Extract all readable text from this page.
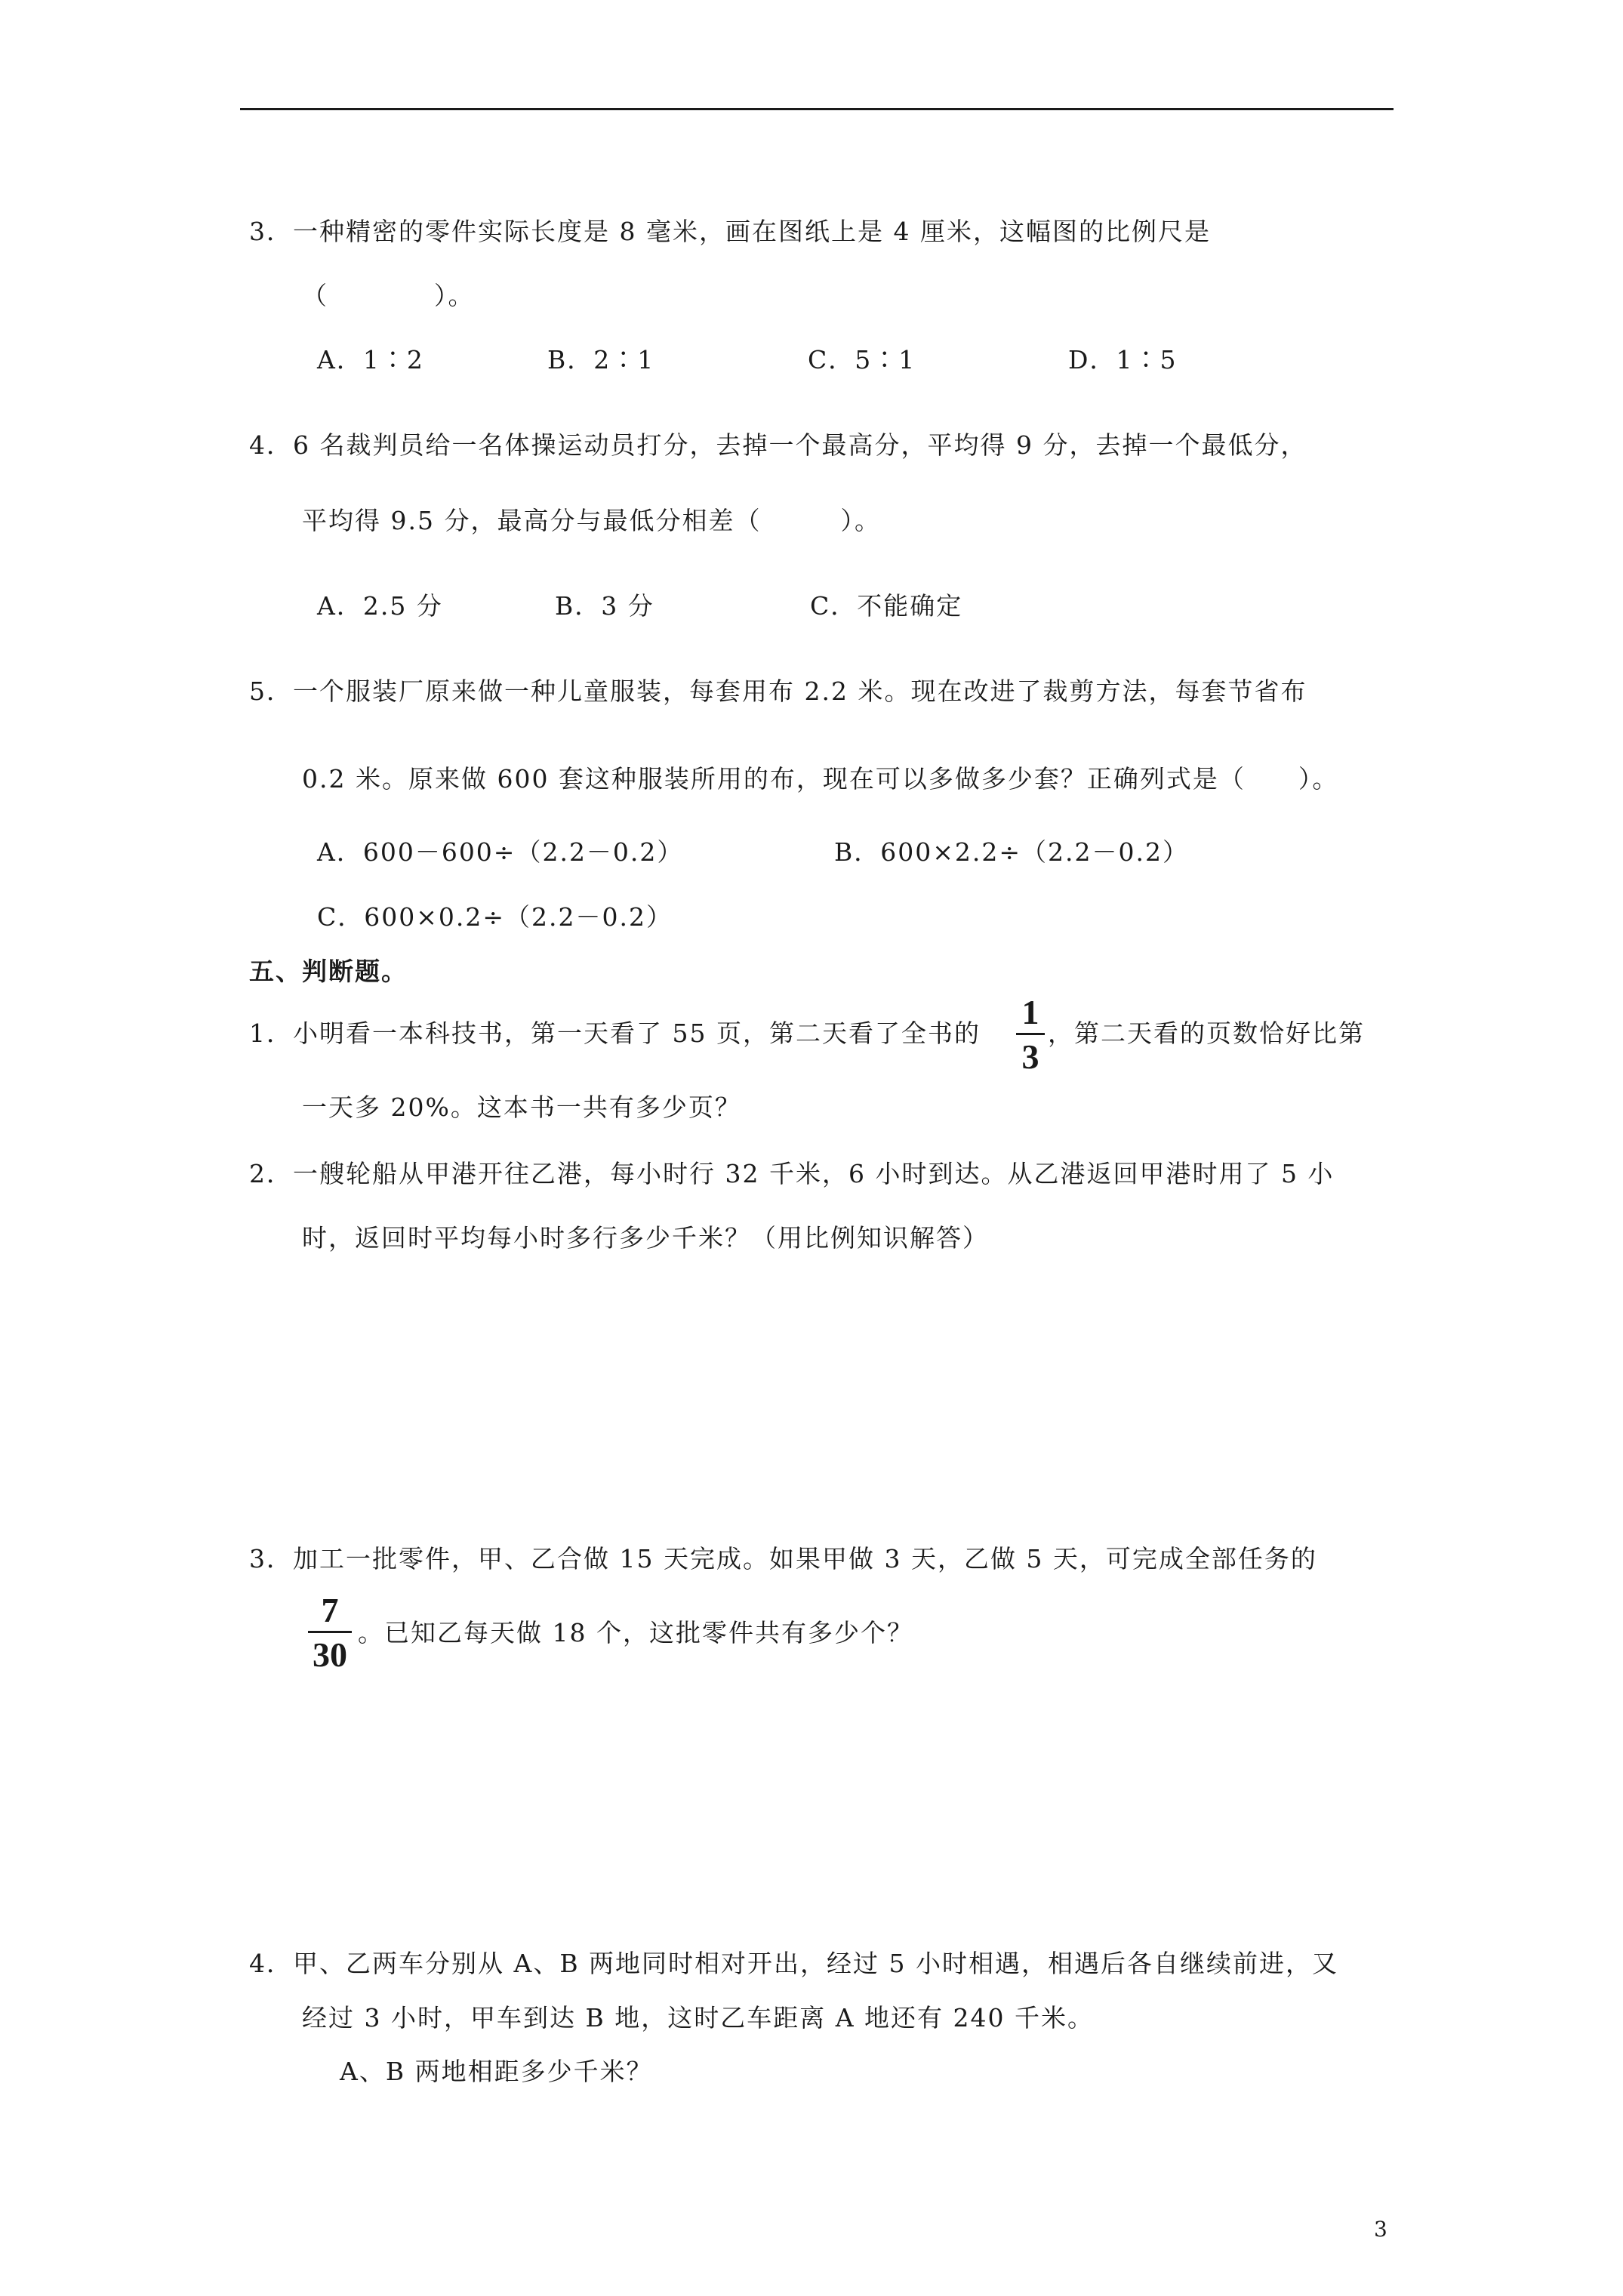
3．一种精密的零件实际长度是 8 毫米，画在图纸上是 4 厘米，这幅图的比例尺是
（　　　　）。
A．1∶2	B．2∶1	C．5∶1	D．1∶5
4．6 名裁判员给一名体操运动员打分，去掉一个最高分，平均得 9 分，去掉一个最低分，
平均得 9.5 分，最高分与最低分相差（　　　）。
A．2.5 分	B．3 分	C．不能确定
5．一个服装厂原来做一种儿童服装，每套用布 2.2 米。现在改进了裁剪方法，每套节省布
0.2 米。原来做 600 套这种服装所用的布，现在可以多做多少套？正确列式是（　　）。
A．600－600÷（2.2－0.2）	B．600×2.2÷（2.2－0.2）
C．600×0.2÷（2.2－0.2）
五、判断题。
1．小明看一本科技书，第一天看了 55 页，第二天看了全书的
1
3
，第二天看的页数恰好比第
一天多 20%。这本书一共有多少页？
2．一艘轮船从甲港开往乙港，每小时行 32 千米，6 小时到达。从乙港返回甲港时用了 5 小
时，返回时平均每小时多行多少千米？（用比例知识解答）
3．加工一批零件，甲、乙合做 15 天完成。如果甲做 3 天，乙做 5 天，可完成全部任务的
7
30
。已知乙每天做 18 个，这批零件共有多少个？
4．甲、乙两车分别从 A、B 两地同时相对开出，经过 5 小时相遇，相遇后各自继续前进，又
经过 3 小时，甲车到达 B 地，这时乙车距离 A 地还有 240 千米。
A、B 两地相距多少千米？
3
